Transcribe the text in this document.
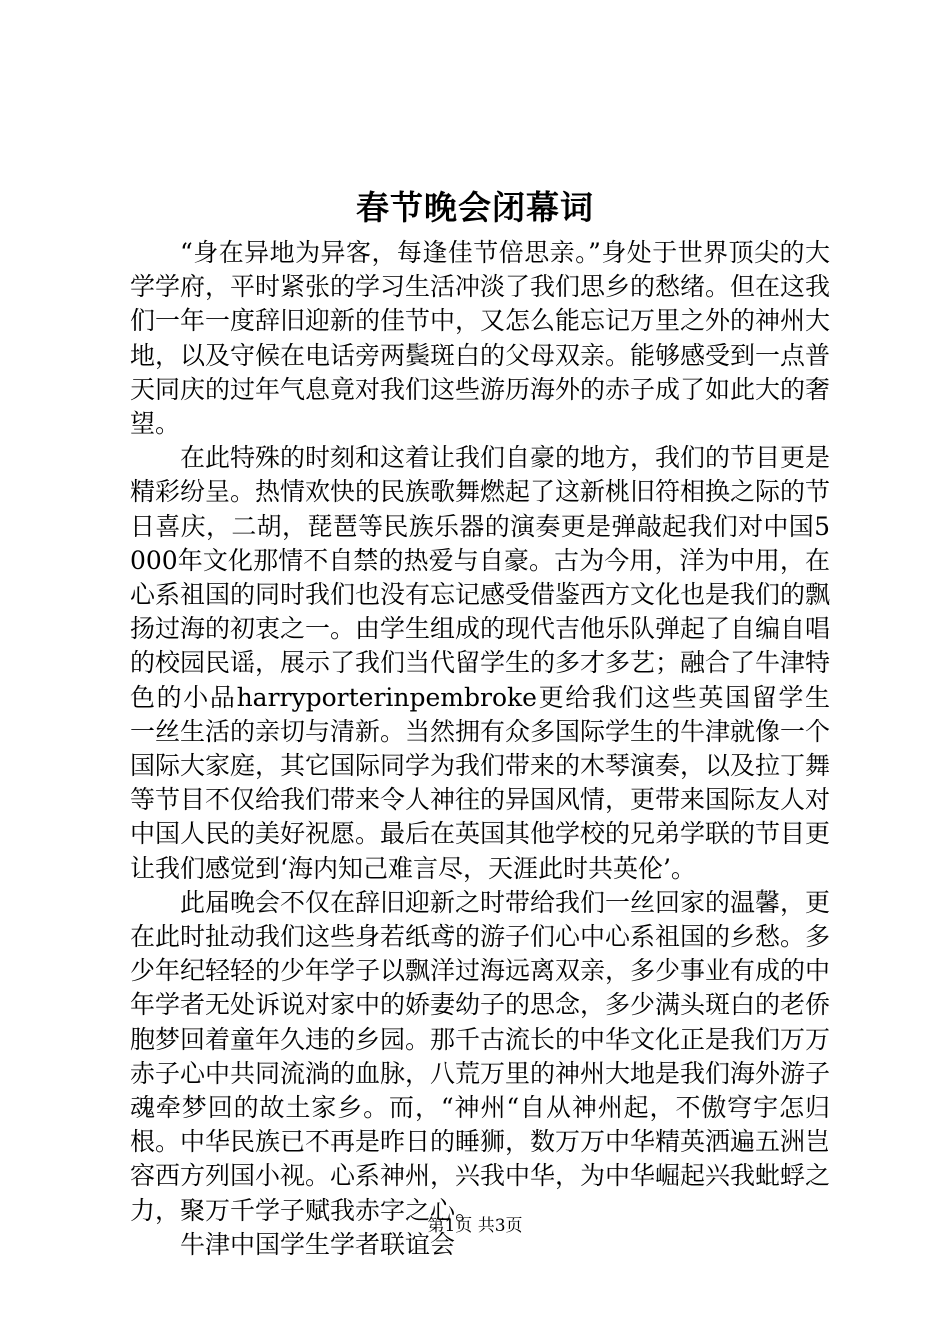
春节晚会闭幕词

“身在异地为异客，每逢佳节倍思亲。”身处于世界顶尖的大学学府，平时紧张的学习生活冲淡了我们思乡的愁绪。但在这我们一年一度辞旧迎新的佳节中，又怎么能忘记万里之外的神州大地，以及守候在电话旁两鬓斑白的父母双亲。能够感受到一点普天同庆的过年气息竟对我们这些游历海外的赤子成了如此大的奢望。

在此特殊的时刻和这着让我们自豪的地方，我们的节目更是精彩纷呈。热情欢快的民族歌舞燃起了这新桃旧符相换之际的节日喜庆，二胡，琵琶等民族乐器的演奏更是弹敲起我们对中国5000年文化那情不自禁的热爱与自豪。古为今用，洋为中用，在心系祖国的同时我们也没有忘记感受借鉴西方文化也是我们的飘扬过海的初衷之一。由学生组成的现代吉他乐队弹起了自编自唱的校园民谣，展示了我们当代留学生的多才多艺；融合了牛津特色的小品harryporterinpembroke更给我们这些英国留学生一丝生活的亲切与清新。当然拥有众多国际学生的牛津就像一个国际大家庭，其它国际同学为我们带来的木琴演奏，以及拉丁舞等节目不仅给我们带来令人神往的异国风情，更带来国际友人对中国人民的美好祝愿。最后在英国其他学校的兄弟学联的节目更让我们感觉到‘海内知己难言尽，天涯此时共英伦’。

此届晚会不仅在辞旧迎新之时带给我们一丝回家的温馨，更在此时扯动我们这些身若纸鸢的游子们心中心系祖国的乡愁。多少年纪轻轻的少年学子以飘洋过海远离双亲，多少事业有成的中年学者无处诉说对家中的娇妻幼子的思念，多少满头斑白的老侨胞梦回着童年久违的乡园。那千古流长的中华文化正是我们万万赤子心中共同流淌的血脉，八荒万里的神州大地是我们海外游子魂牵梦回的故土家乡。而，“神州“自从神州起，不傲穹宇怎归根。中华民族已不再是昨日的睡狮，数万万中华精英洒遍五洲岂容西方列国小视。心系神州，兴我中华，为中华崛起兴我蚍蜉之力，聚万千学子赋我赤字之心。

牛津中国学生学者联谊会

第1页 共3页
